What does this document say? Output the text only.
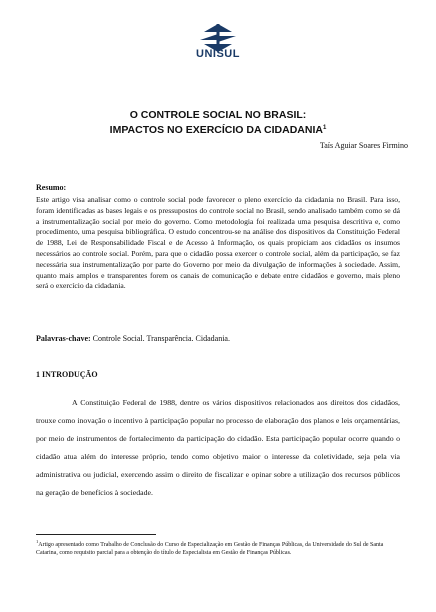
UNISUL
O CONTROLE SOCIAL NO BRASIL:
IMPACTOS NO EXERCÍCIO DA CIDADANIA$^1$
Taís Aguiar Soares Firmino
Resumo:
Este artigo visa analisar como o controle social pode favorecer o pleno exercício da cidadania no Brasil. Para isso, foram identificadas as bases legais e os pressupostos do controle social no Brasil, sendo analisado também como se dá a instrumentalização social por meio do governo. Como metodologia foi realizada uma pesquisa descritiva e, como procedimento, uma pesquisa bibliográfica. O estudo concentrou-se na análise dos dispositivos da Constituição Federal de 1988, Lei de Responsabilidade Fiscal e de Acesso à Informação, os quais propiciam aos cidadãos os insumos necessários ao controle social. Porém, para que o cidadão possa exercer o controle social, além da participação, se faz necessária sua instrumentalização por parte do Governo por meio da divulgação de informações à sociedade. Assim, quanto mais amplos e transparentes forem os canais de comunicação e debate entre cidadãos e governo, mais pleno será o exercício da cidadania.
Palavras-chave: Controle Social. Transparência. Cidadania.
1 INTRODUÇÃO
A Constituição Federal de 1988, dentre os vários dispositivos relacionados aos direitos dos cidadãos, trouxe como inovação o incentivo à participação popular no processo de elaboração dos planos e leis orçamentárias, por meio de instrumentos de fortalecimento da participação do cidadão. Esta participação popular ocorre quando o cidadão atua além do interesse próprio, tendo como objetivo maior o interesse da coletividade, seja pela via administrativa ou judicial, exercendo assim o direito de fiscalizar e opinar sobre a utilização dos recursos públicos na geração de benefícios à sociedade.
$^1$Artigo apresentado como Trabalho de Conclusão do Curso de Especialização em Gestão de Finanças Públicas, da Universidade do Sul de Santa Catarina, como requisito parcial para a obtenção do título de Especialista em Gestão de Finanças Públicas.
